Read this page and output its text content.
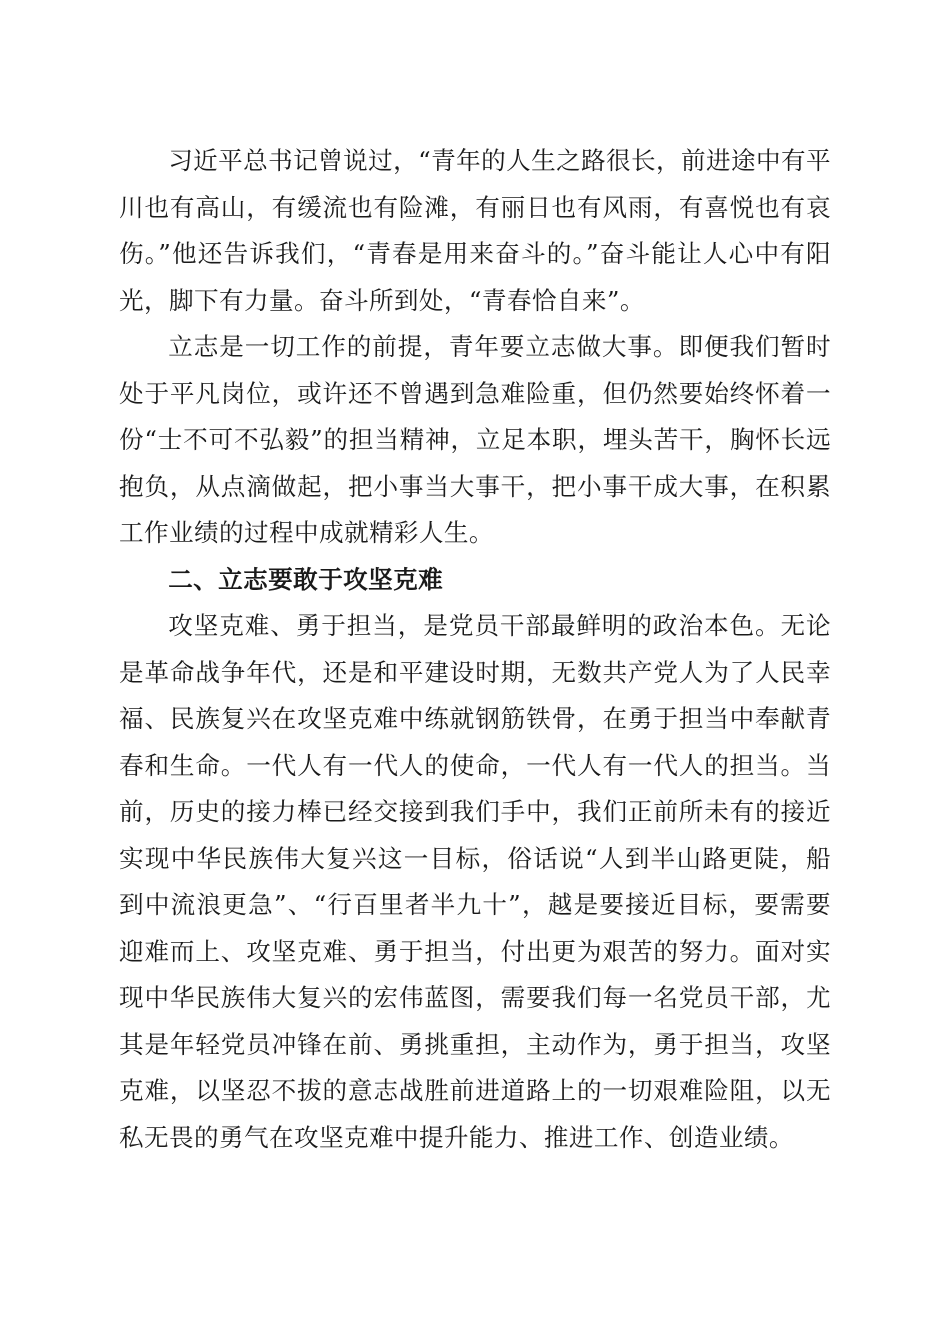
习近平总书记曾说过，“青年的人生之路很长，前进途中有平川也有高山，有缓流也有险滩，有丽日也有风雨，有喜悦也有哀伤。”他还告诉我们，“青春是用来奋斗的。”奋斗能让人心中有阳光，脚下有力量。奋斗所到处，“青春恰自来”。

立志是一切工作的前提，青年要立志做大事。即便我们暂时处于平凡岗位，或许还不曾遇到急难险重，但仍然要始终怀着一份“士不可不弘毅”的担当精神，立足本职，埋头苦干，胸怀长远抱负，从点滴做起，把小事当大事干，把小事干成大事，在积累工作业绩的过程中成就精彩人生。

二、立志要敢于攻坚克难

攻坚克难、勇于担当，是党员干部最鲜明的政治本色。无论是革命战争年代，还是和平建设时期，无数共产党人为了人民幸福、民族复兴在攻坚克难中练就钢筋铁骨，在勇于担当中奉献青春和生命。一代人有一代人的使命，一代人有一代人的担当。当前，历史的接力棒已经交接到我们手中，我们正前所未有的接近实现中华民族伟大复兴这一目标，俗话说“人到半山路更陡，船到中流浪更急”、“行百里者半九十”，越是要接近目标，要需要迎难而上、攻坚克难、勇于担当，付出更为艰苦的努力。面对实现中华民族伟大复兴的宏伟蓝图，需要我们每一名党员干部，尤其是年轻党员冲锋在前、勇挑重担，主动作为，勇于担当，攻坚克难，以坚忍不拔的意志战胜前进道路上的一切艰难险阻，以无私无畏的勇气在攻坚克难中提升能力、推进工作、创造业绩。
